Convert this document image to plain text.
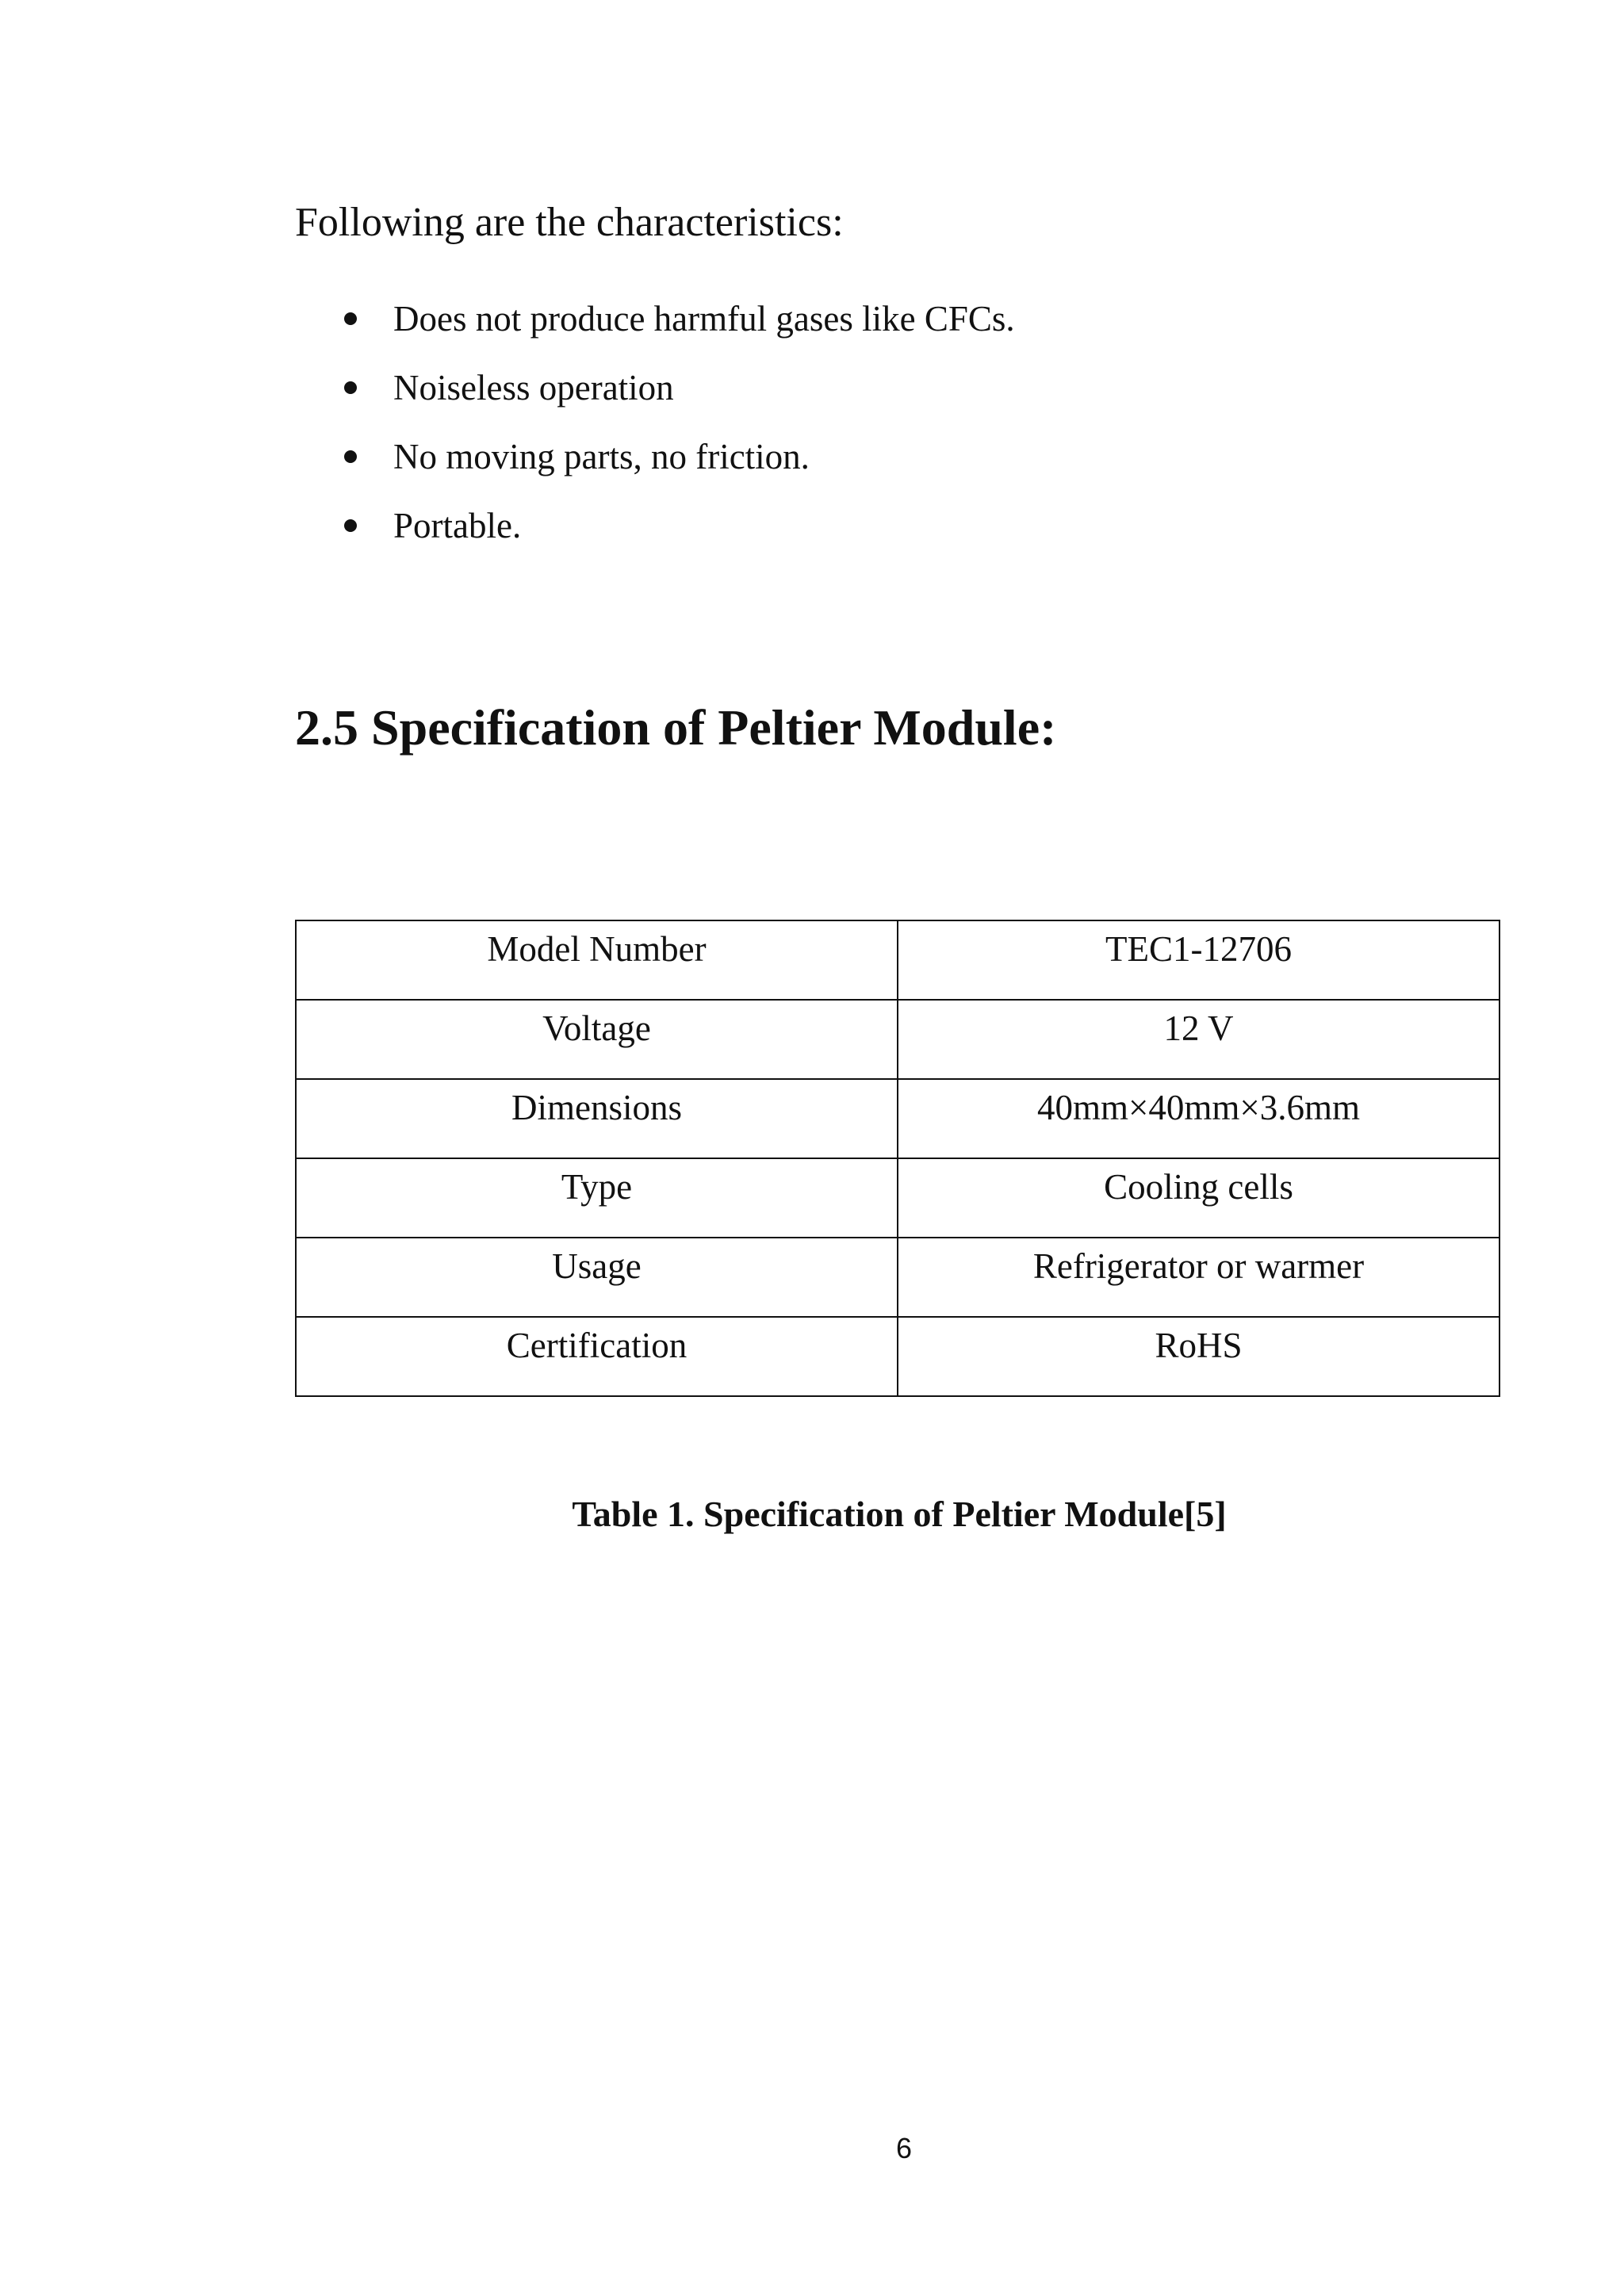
Following are the characteristics:

Does not produce harmful gases like CFCs.
Noiseless operation
No moving parts, no friction.
Portable.
2.5 Specification of Peltier Module:
Model Number	TEC1-12706
Voltage	12 V
Dimensions	40mm×40mm×3.6mm
Type	Cooling cells
Usage	Refrigerator or warmer
Certification	RoHS

Table 1. Specification of Peltier Module[5]

6
